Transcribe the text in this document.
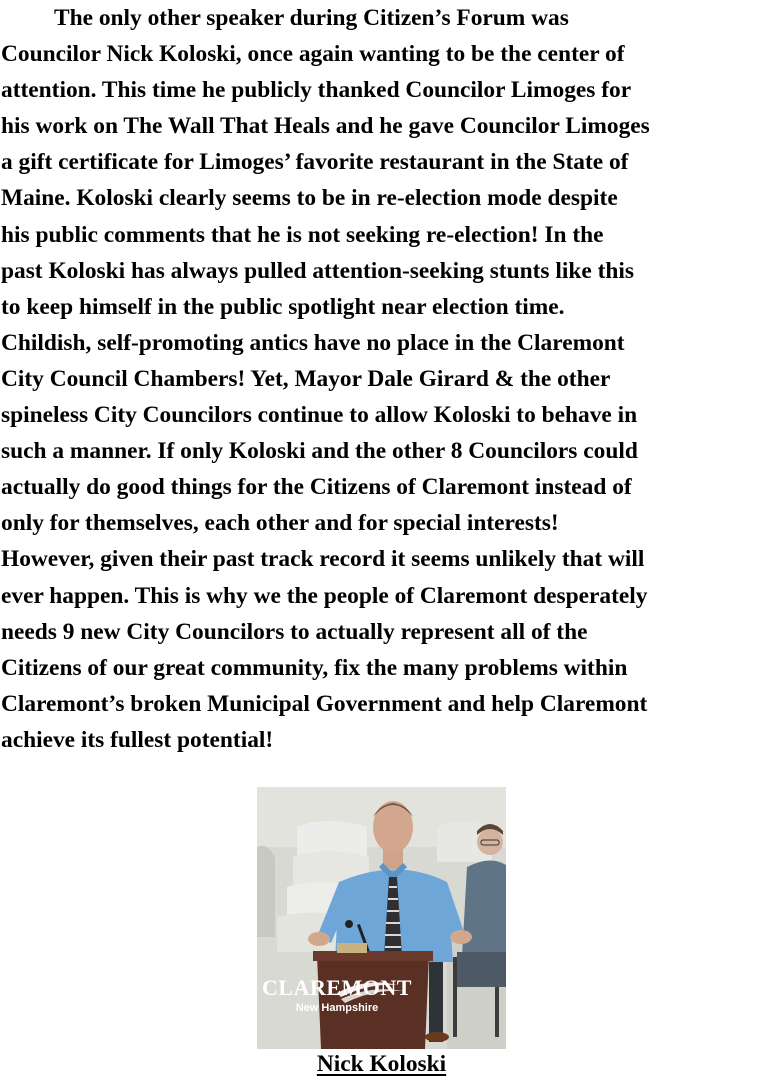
The only other speaker during Citizen’s Forum was
Councilor Nick Koloski, once again wanting to be the center of
attention. This time he publicly thanked Councilor Limoges for
his work on The Wall That Heals and he gave Councilor Limoges
a gift certificate for Limoges’ favorite restaurant in the State of
Maine. Koloski clearly seems to be in re-election mode despite
his public comments that he is not seeking re-election! In the
past Koloski has always pulled attention-seeking stunts like this
to keep himself in the public spotlight near election time.
Childish, self-promoting antics have no place in the Claremont
City Council Chambers! Yet, Mayor Dale Girard & the other
spineless City Councilors continue to allow Koloski to behave in
such a manner. If only Koloski and the other 8 Councilors could
actually do good things for the Citizens of Claremont instead of
only for themselves, each other and for special interests!
However, given their past track record it seems unlikely that will
ever happen. This is why we the people of Claremont desperately
needs 9 new City Councilors to actually represent all of the
Citizens of our great community, fix the many problems within
Claremont’s broken Municipal Government and help Claremont
achieve its fullest potential!

CLAREMONT
New Hampshire
Nick Koloski
